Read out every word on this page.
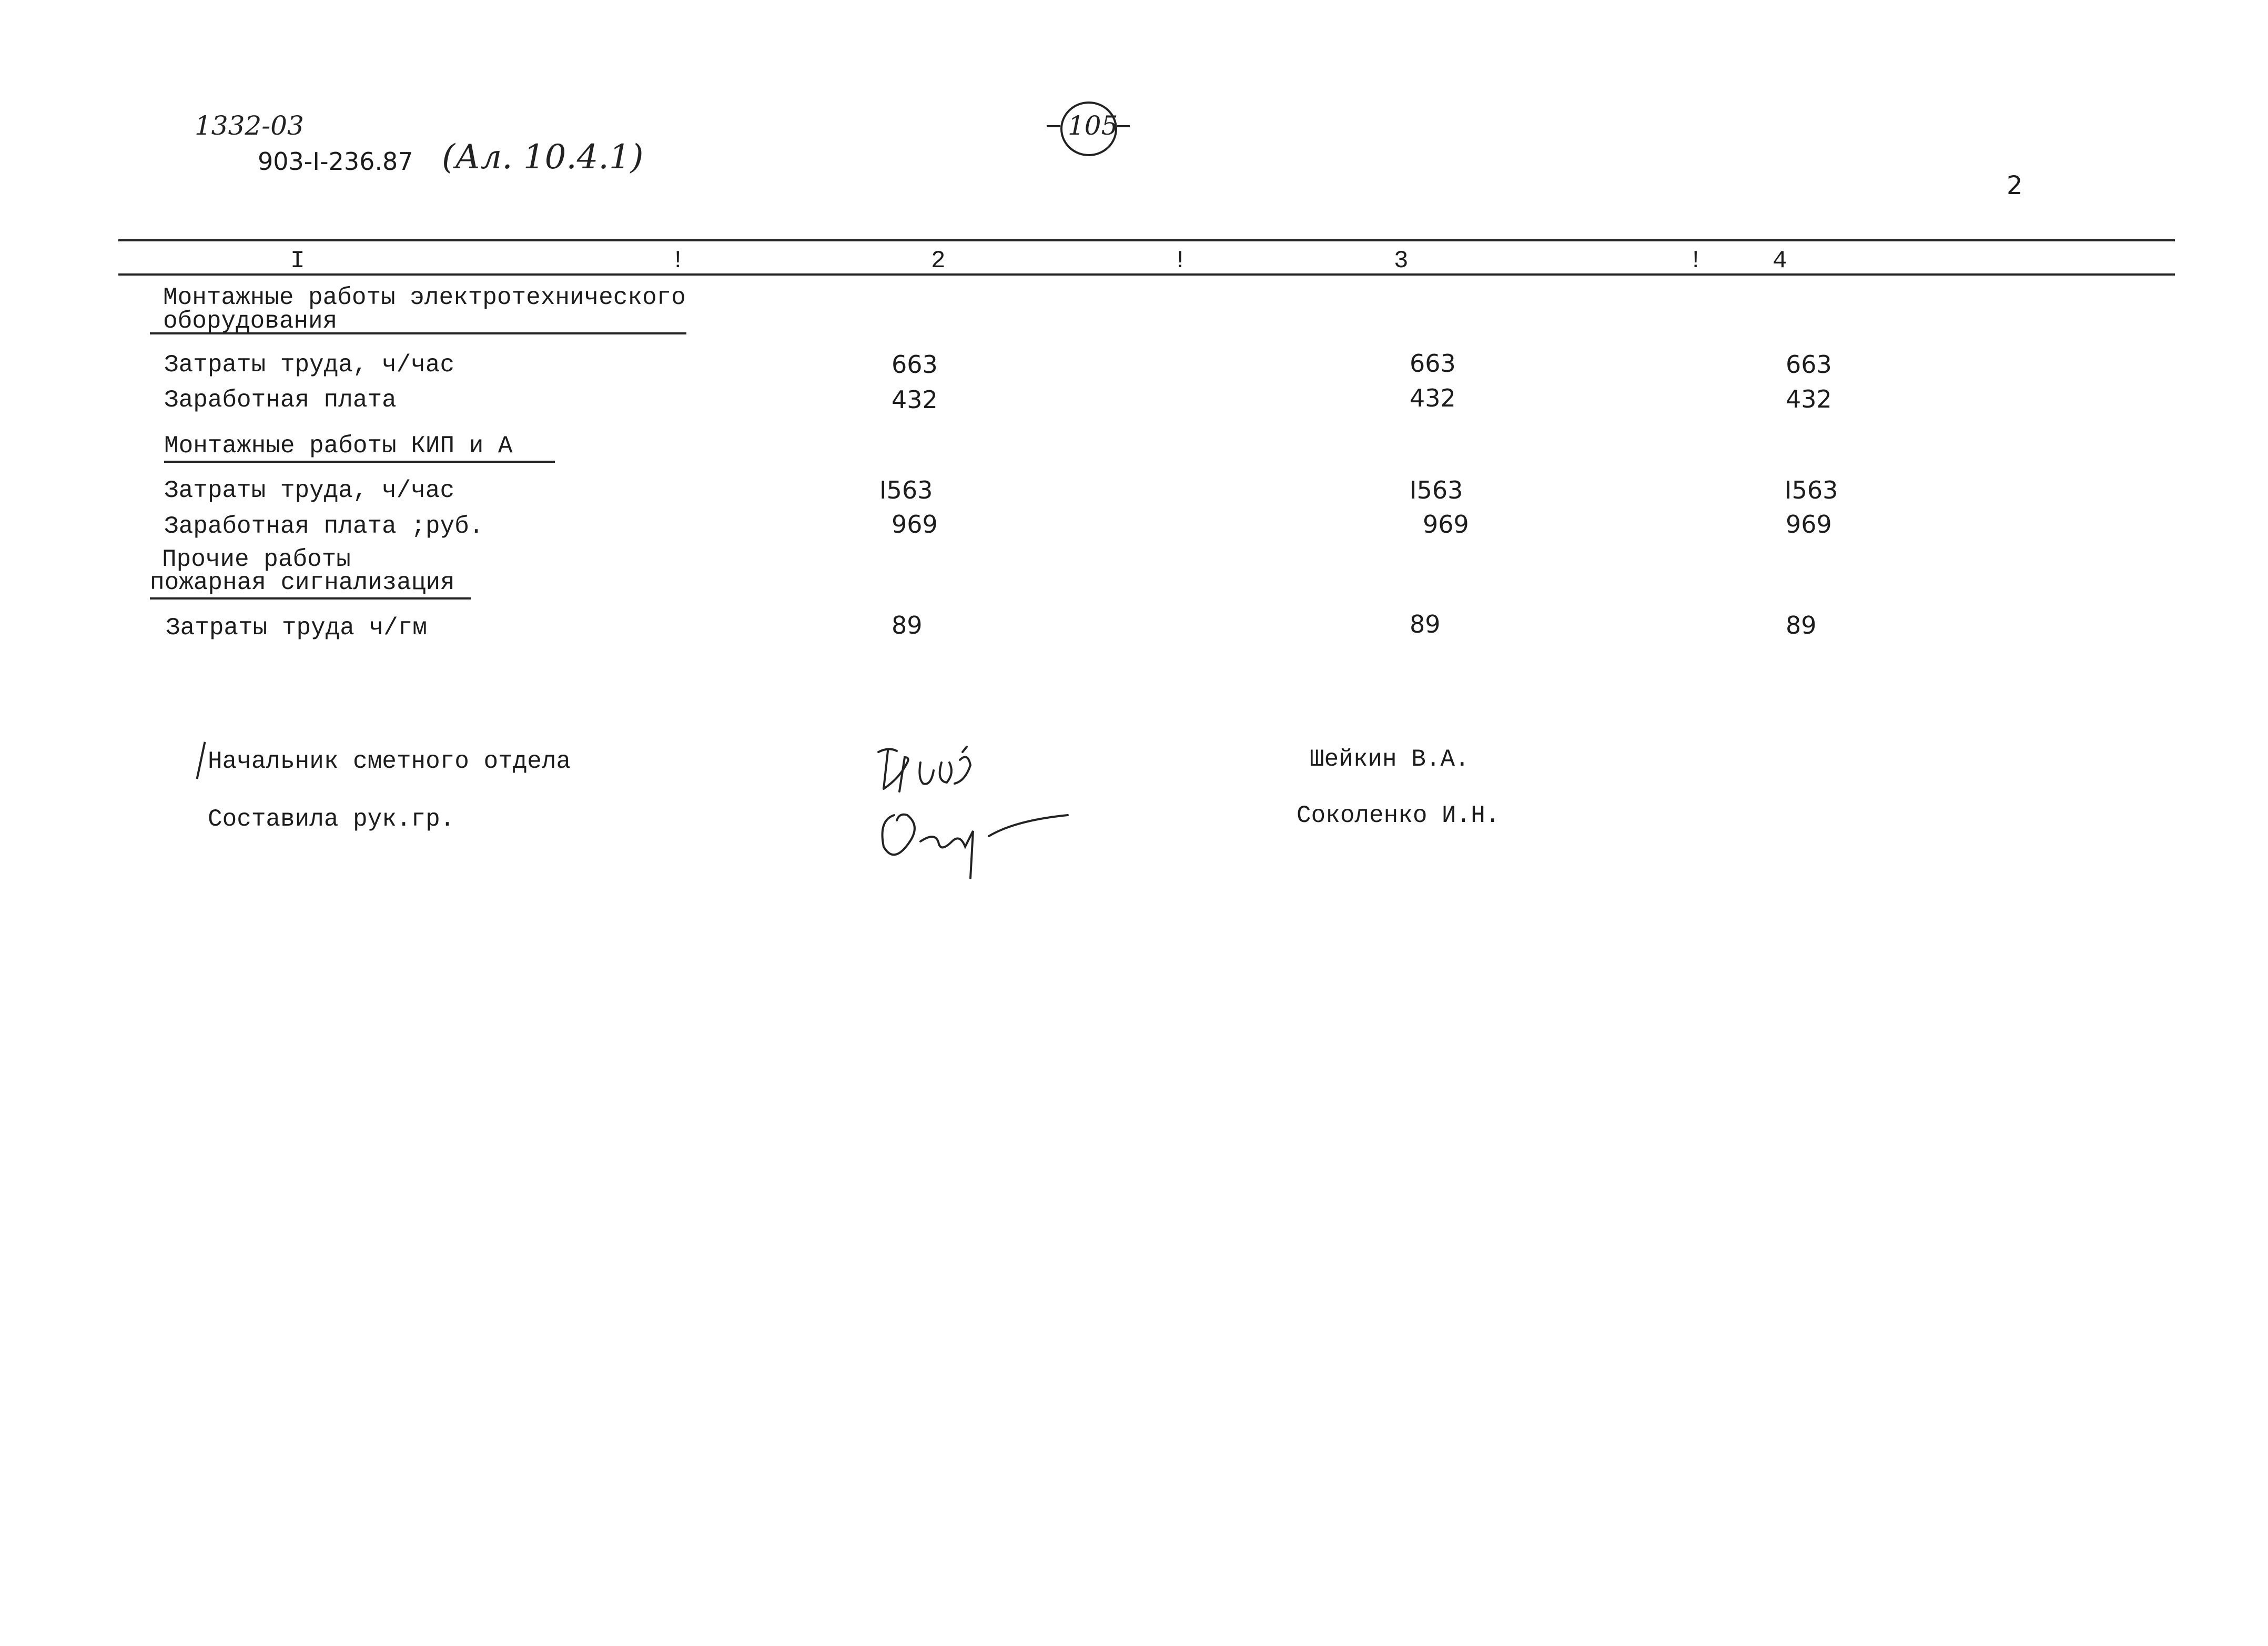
1332-03
903-I-236.87 (Ал. 10.4.1)
105
2
I	!	2	!	3	!	4
Монтажные работы электротехнического
оборудования
Затраты труда, ч/час	663	663	663
Заработная плата	432	432	432
Монтажные работы КИП и А
Затраты труда, ч/час	I563	I563	I563
Заработная плата ;руб.	969	969	969
Прочие работы
пожарная сигнализация
Затраты труда ч/гм	89	89	89
Начальник сметного отдела	Шейкин В.А.
Составила рук.гр.	Соколенко И.Н.
